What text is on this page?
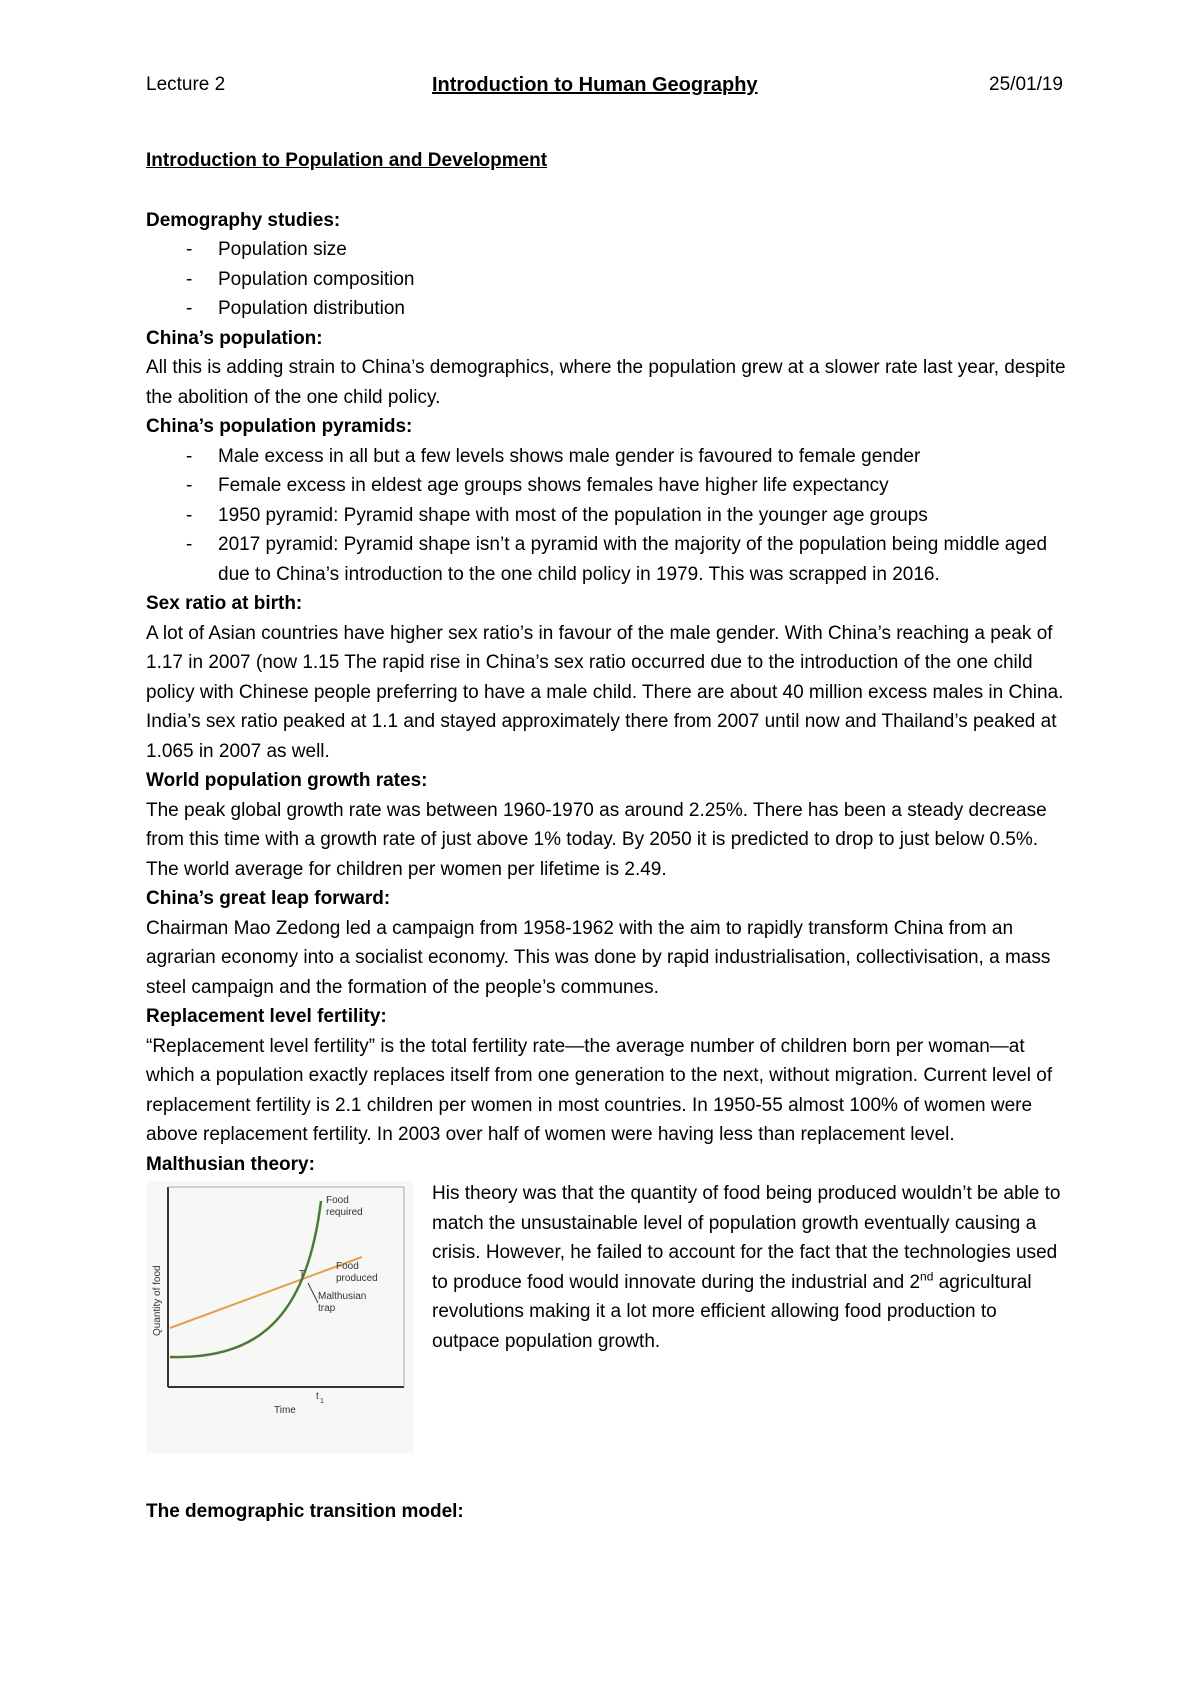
Lecture 2	Introduction to Human Geography	25/01/19

Introduction to Population and Development

Demography studies:

- Population size
- Population composition
- Population distribution

China’s population:

All this is adding strain to China’s demographics, where the population grew at a slower rate last year, despite the abolition of the one child policy.

China’s population pyramids:

- Male excess in all but a few levels shows male gender is favoured to female gender
- Female excess in eldest age groups shows females have higher life expectancy
- 1950 pyramid: Pyramid shape with most of the population in the younger age groups
- 2017 pyramid: Pyramid shape isn’t a pyramid with the majority of the population being middle aged due to China’s introduction to the one child policy in 1979. This was scrapped in 2016.

Sex ratio at birth:

A lot of Asian countries have higher sex ratio’s in favour of the male gender. With China’s reaching a peak of 1.17 in 2007 (now 1.15 The rapid rise in China’s sex ratio occurred due to the introduction of the one child policy with Chinese people preferring to have a male child. There are about 40 million excess males in China.

India’s sex ratio peaked at 1.1 and stayed approximately there from 2007 until now and Thailand’s peaked at 1.065 in 2007 as well.

World population growth rates:

The peak global growth rate was between 1960-1970 as around 2.25%. There has been a steady decrease from this time with a growth rate of just above 1% today. By 2050 it is predicted to drop to just below 0.5%. The world average for children per women per lifetime is 2.49.

China’s great leap forward:

Chairman Mao Zedong led a campaign from 1958-1962 with the aim to rapidly transform China from an agrarian economy into a socialist economy. This was done by rapid industrialisation, collectivisation, a mass steel campaign and the formation of the people’s communes.

Replacement level fertility:

“Replacement level fertility” is the total fertility rate—the average number of children born per woman—at which a population exactly replaces itself from one generation to the next, without migration. Current level of replacement fertility is 2.1 children per women in most countries. In 1950-55 almost 100% of women were above replacement fertility. In 2003 over half of women were having less than replacement level.

Malthusian theory:

T
Food
required
Food
produced
Malthusian
trap
Quantity of food
Time
t 1
His theory was that the quantity of food being produced wouldn’t be able to match the unsustainable level of population growth eventually causing a crisis. However, he failed to account for the fact that the technologies used to produce food would innovate during the industrial and 2nd agricultural revolutions making it a lot more efficient allowing food production to outpace population growth.

The demographic transition model:
